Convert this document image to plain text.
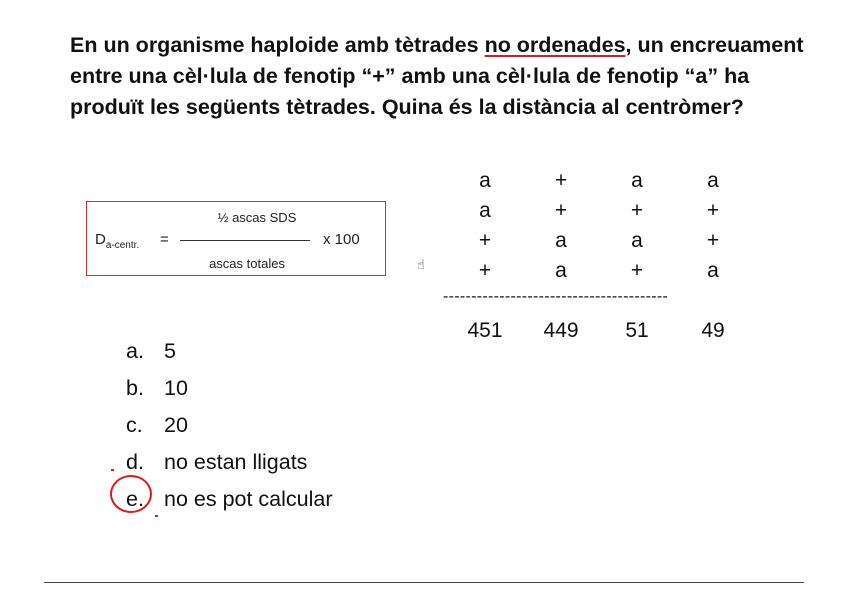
En un organisme haploide amb tètrades no ordenades, un encreuament entre una cèl·lula de fenotip “+” amb una cèl·lula de fenotip “a” ha produït les següents tètrades. Quina és la distància al centròmer?
$D_{a-centr.}$ =
½ ascas SDS
ascas totales
x 100
☝
a	+	a	a
a	+	+	+
+	a	a	+
+	a	+	a
----------------------------------------
451 449	51	49
a. 5
b. 10
c. 20
d. no estan lligats
e. no es pot calcular
